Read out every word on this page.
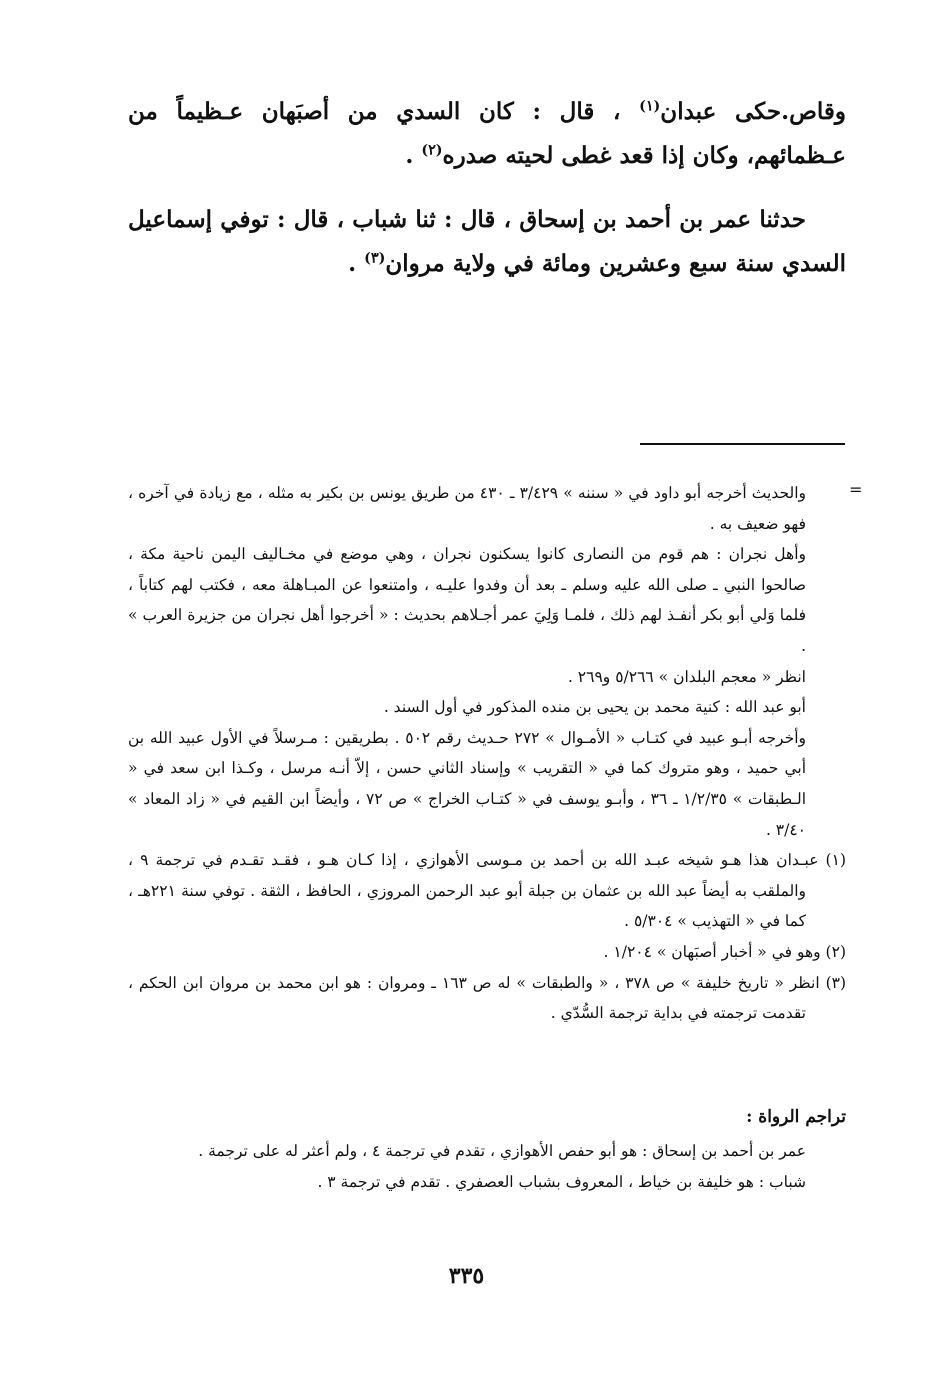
وقاص.حكى عبدان$^{(١)}$ ، قال : كان السدي من أصبَهان عـظيماً من عـظمائهم، وكان إذا قعد غطى لحيته صدره$^{(٢)}$ .
حدثنا عمر بن أحمد بن إسحاق ، قال : ثنا شباب ، قال : توفي إسماعيل السدي سنة سبع وعشرين ومائة في ولاية مروان$^{(٣)}$ .
=

والحديث أخرجه أبو داود في « سننه » ٣/٤٢٩ ـ ٤٣٠ من طريق يونس بن بكير به مثله ، مع زيادة في آخره ، فهو ضعيف به .

وأهل نجران : هم قوم من النصارى كانوا يسكنون نجران ، وهي موضع في مخـاليف اليمن ناحية مكة ، صالحوا النبي ـ صلى الله عليه وسلم ـ بعد أن وفدوا عليـه ، وامتنعوا عن المبـاهلة معه ، فكتب لهم كتاباً ، فلما وَلي أبو بكر أنفـذ لهم ذلك ، فلمـا وَلِيَ عمر أجـلاهم بحديث : « أخرجوا أهل نجران من جزيرة العرب » .

انظر « معجم البلدان » ٥/٢٦٦ و٢٦٩ .

أبو عبد الله : كنية محمد بن يحيى بن منده المذكور في أول السند .

وأخرجه أبـو عبيد في كتـاب « الأمـوال » ٢٧٢ حـديث رقم ٥٠٢ . بطريقين : مـرسلاً في الأول عبيد الله بن أبي حميد ، وهو متروك كما في « التقريب » وإسناد الثاني حسن ، إلاّ أنـه مرسل ، وكـذا ابن سعد في « الـطبقات » ١/٢/٣٥ ـ ٣٦ ، وأبـو يوسف في « كتـاب الخراج » ص ٧٢ ، وأيضاً ابن القيم في « زاد المعاد » ٣/٤٠ .

(١) عبـدان هذا هـو شيخه عبـد الله بن أحمد بن مـوسى الأهوازي ، إذا كـان هـو ، فقـد تقـدم في ترجمة ٩ ، والملقب به أيضاً عبد الله بن عثمان بن جبلة أبو عبد الرحمن المروزي ، الحافظ ، الثقة . توفي سنة ٢٢١هـ ، كما في « التهذيب » ٥/٣٠٤ .

(٢) وهو في « أخبار أصبَهان » ١/٢٠٤ .

(٣) انظر « تاريخ خليفة » ص ٣٧٨ ، « والطبقات » له ص ١٦٣ ـ ومروان : هو ابن محمد بن مروان ابن الحكم ، تقدمت ترجمته في بداية ترجمة السُّدّي .

تراجم الرواة :

عمر بن أحمد بن إسحاق : هو أبو حفص الأهوازي ، تقدم في ترجمة ٤ ، ولم أعثر له على ترجمة .

شباب : هو خليفة بن خياط ، المعروف بشباب العصفري . تقدم في ترجمة ٣ .

٣٣٥
